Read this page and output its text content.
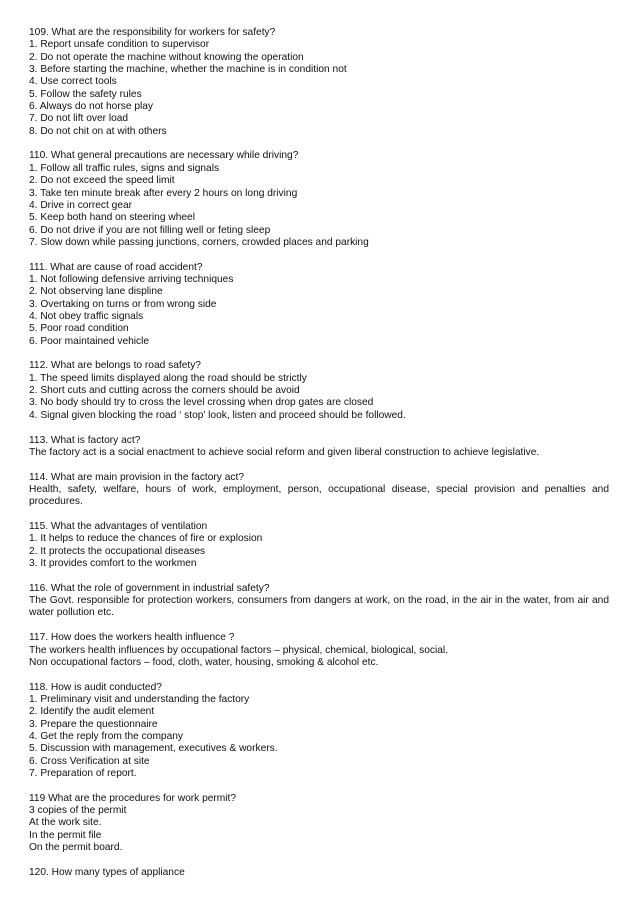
109. What are the responsibility for workers for safety?
1. Report unsafe condition to supervisor
2. Do not operate the machine without knowing the operation
3. Before starting the machine, whether the machine is in condition not
4. Use correct tools
5. Follow the safety rules
6. Always do not horse play
7. Do not lift over load
8. Do not chit on at with others
110. What general precautions are necessary while driving?
1. Follow all traffic rules, signs and signals
2. Do not exceed the speed limit
3. Take ten minute break after every 2 hours on long driving
4. Drive in correct gear
5. Keep both hand on steering wheel
6. Do not drive if you are not filling well or feting sleep
7. Slow down while passing junctions, corners, crowded places and parking
111. What are cause of road accident?
1. Not following defensive arriving techniques
2. Not observing lane displine
3. Overtaking on turns or from wrong side
4. Not obey traffic signals
5. Poor road condition
6. Poor maintained vehicle
112. What are belongs to road safety?
1. The speed limits displayed along the road should be strictly
2. Short cuts and cutting across the corners should be avoid
3. No body should try to cross the level crossing when drop gates are closed
4. Signal given blocking the road ‘ stop’ look, listen and proceed should be followed.
113. What is factory act?
The factory act is a social enactment to achieve social reform and given liberal construction to achieve legislative.
114. What are main provision in the factory act?
Health, safety, welfare, hours of work, employment, person, occupational disease, special provision and penalties and procedures.
115. What the advantages of ventilation
1. It helps to reduce the chances of fire or explosion
2. It protects the occupational diseases
3. It provides comfort to the workmen
116. What the role of government in industrial safety?
The Govt. responsible for protection workers, consumers from dangers at work, on the road, in the air in the water, from air and water pollution etc.
117. How does the workers health influence ?
The workers health influences by occupational factors – physical, chemical, biological, social.
Non occupational factors – food, cloth, water, housing, smoking & alcohol etc.
118. How is audit conducted?
1. Preliminary visit and understanding the factory
2. Identify the audit element
3. Prepare the questionnaire
4. Get the reply from the company
5. Discussion with management, executives & workers.
6. Cross Verification at site
7. Preparation of report.
119 What are the procedures for work permit?
3 copies of the permit
At the work site.
In the permit file
On the permit board.
120. How many types of appliance
